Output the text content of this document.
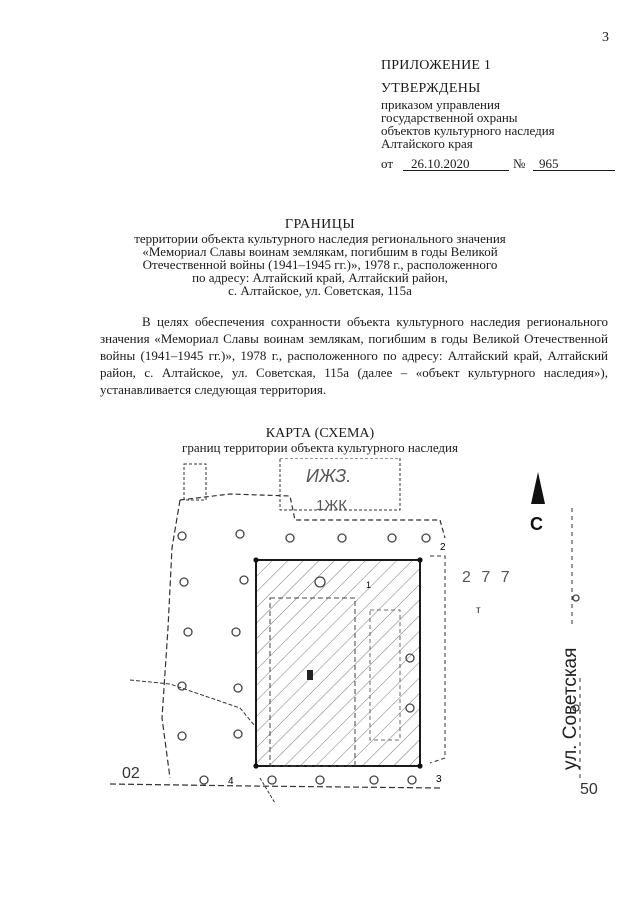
3
ПРИЛОЖЕНИЕ 1
УТВЕРЖДЕНЫ
приказом управления
государственной охраны
объектов культурного наследия
Алтайского края
от	26.10.2020	№	965
ГРАНИЦЫ
территории объекта культурного наследия регионального значения
«Мемориал Славы воинам землякам, погибшим в годы Великой
Отечественной войны (1941–1945 гг.)», 1978 г., расположенного
по адресу: Алтайский край, Алтайский район,
с. Алтайское, ул. Советская, 115а
В целях обеспечения сохранности объекта культурного наследия регионального значения «Мемориал Славы воинам землякам, погибшим в годы Великой Отечественной войны (1941–1945 гг.)», 1978 г., расположенного по адресу: Алтайский край, Алтайский район, с. Алтайское, ул. Советская, 115а (далее – «объект культурного наследия»), устанавливается следующая территория.
КАРТА (СХЕМА)
границ территории объекта культурного наследия
2
3
4
1
ИЖЗ.
1ЖК
02
50
2 7 7
т
С
ул. Советская
